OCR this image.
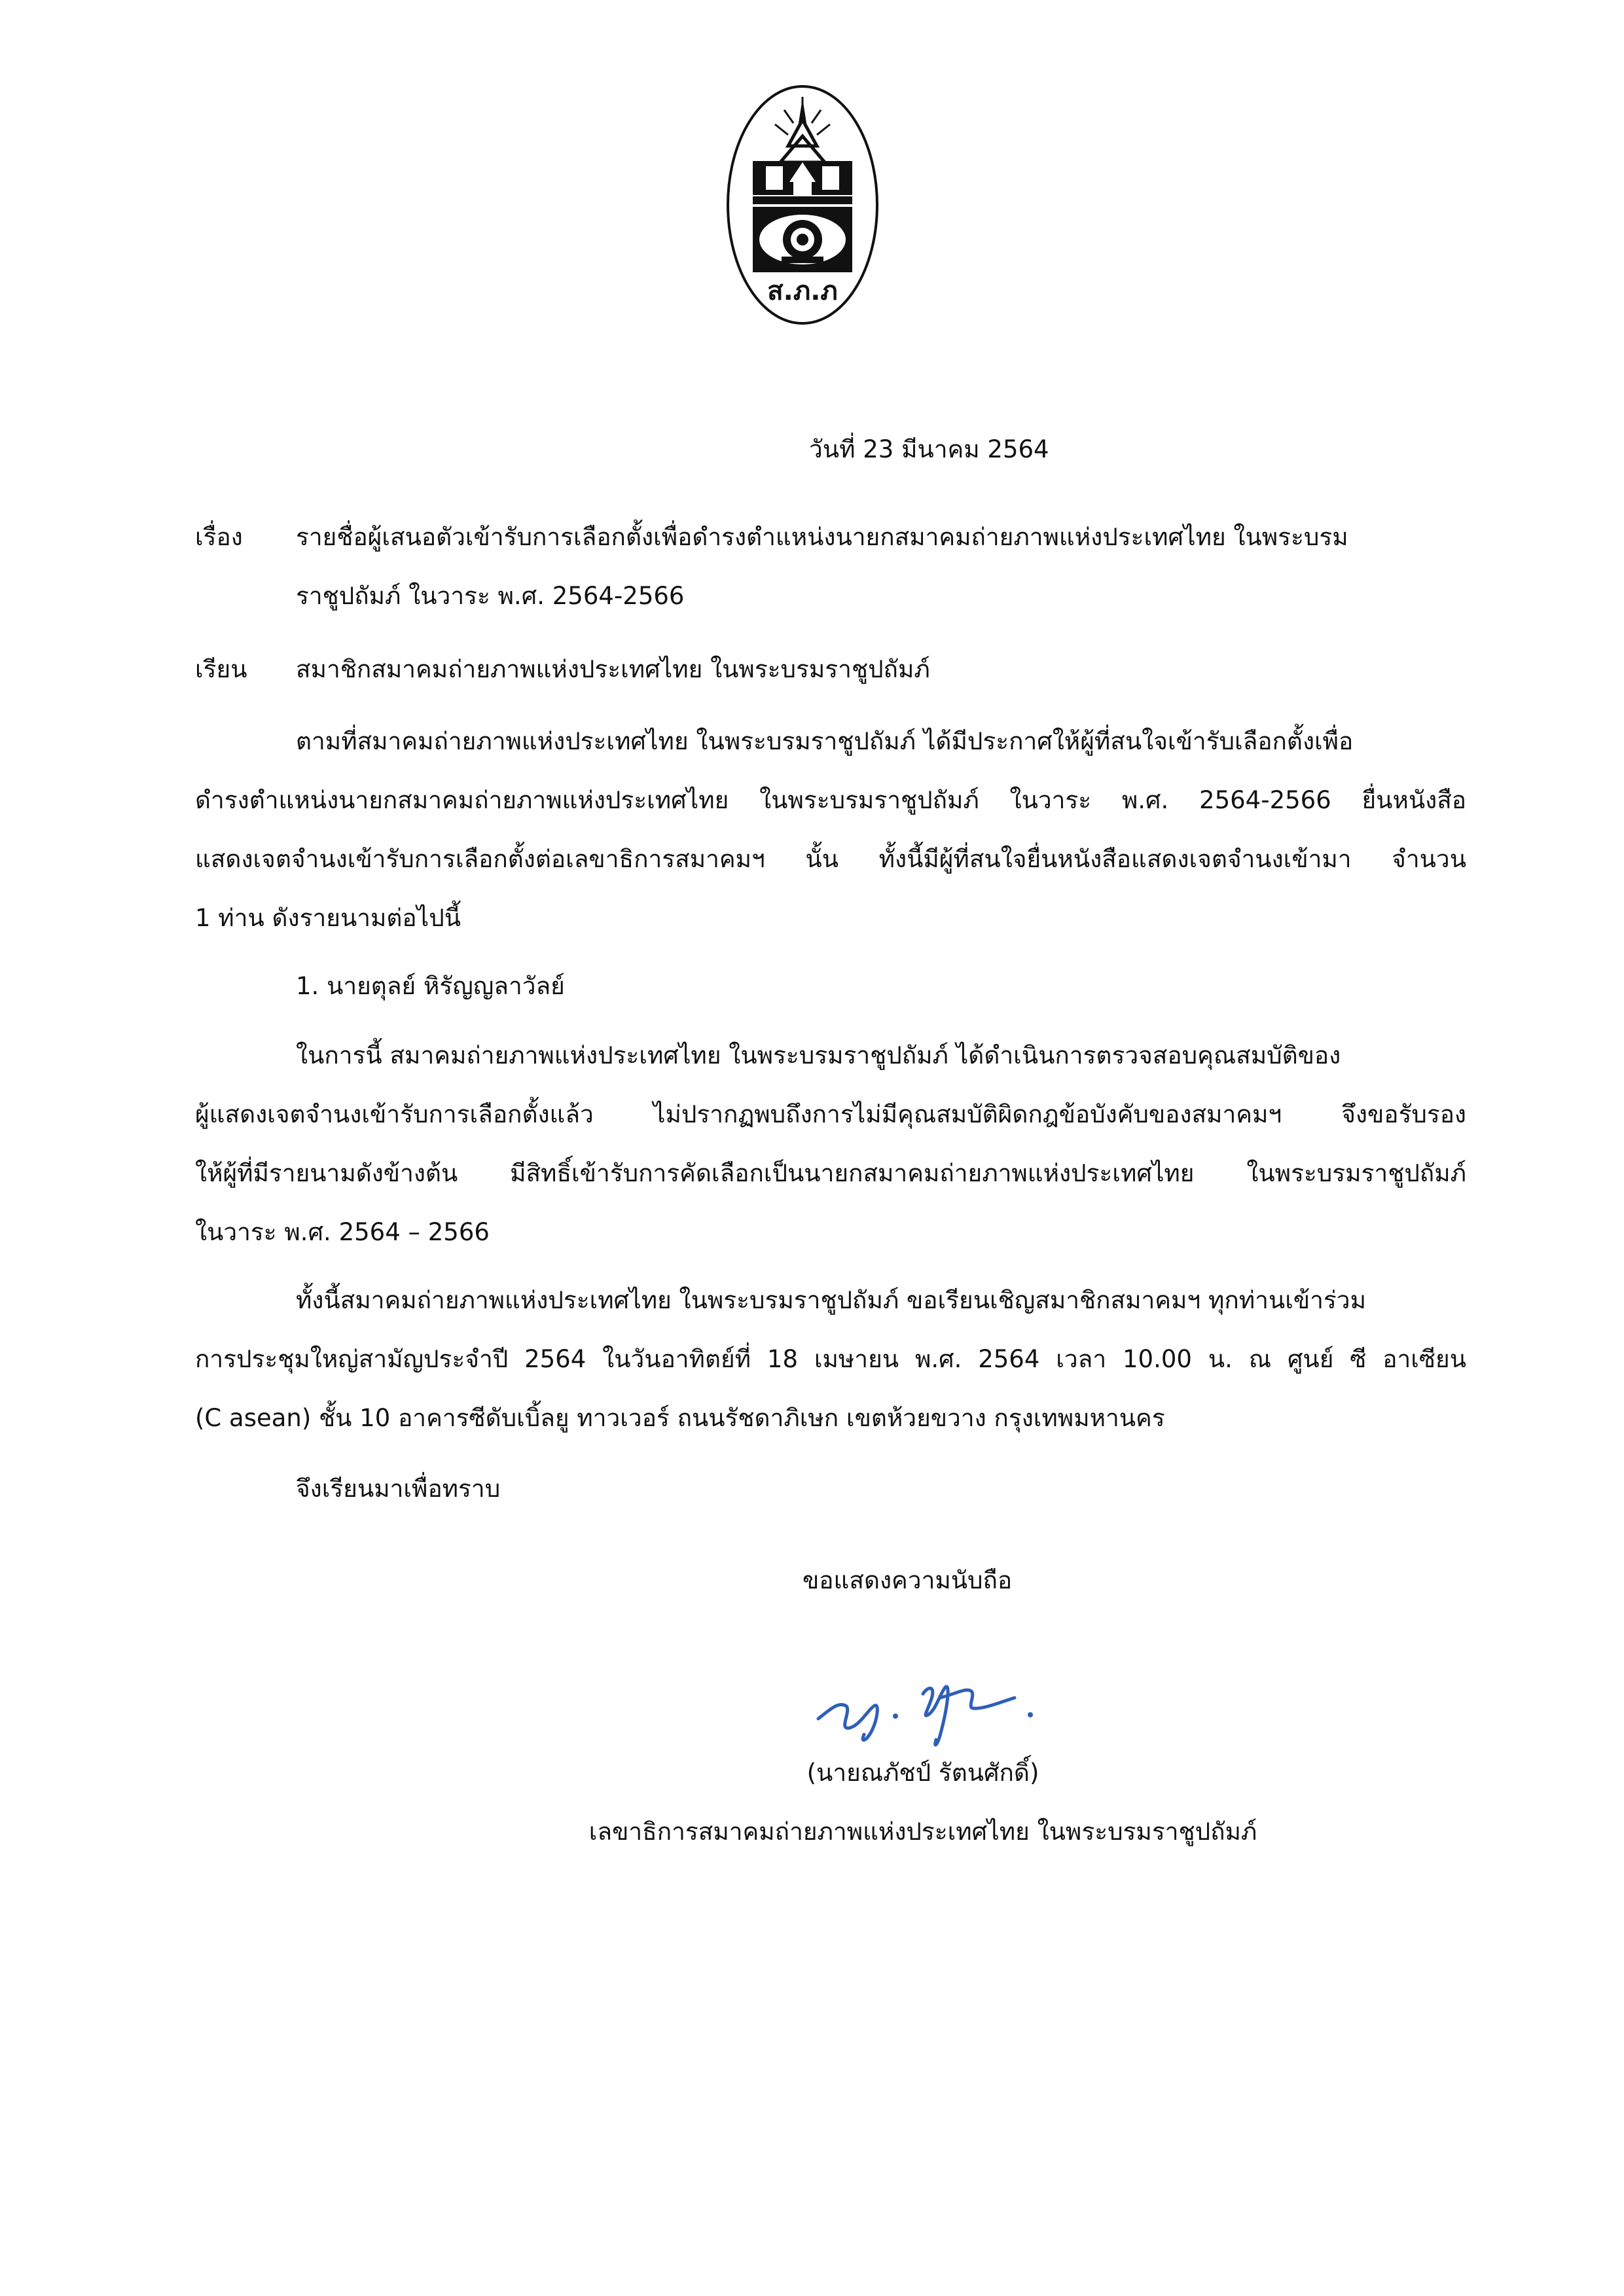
ส.ภ.ภ
วันที่ 23 มีนาคม 2564
เรื่อง รายชื่อผู้เสนอตัวเข้ารับการเลือกตั้งเพื่อดำรงตำแหน่งนายกสมาคมถ่ายภาพแห่งประเทศไทย ในพระบรม
ราชูปถัมภ์ ในวาระ พ.ศ. 2564-2566
เรียน สมาชิกสมาคมถ่ายภาพแห่งประเทศไทย ในพระบรมราชูปถัมภ์
ตามที่สมาคมถ่ายภาพแห่งประเทศไทย ในพระบรมราชูปถัมภ์ ได้มีประกาศให้ผู้ที่สนใจเข้ารับเลือกตั้งเพื่อ
ดำรงตำแหน่งนายกสมาคมถ่ายภาพแห่งประเทศไทย ในพระบรมราชูปถัมภ์ ในวาระ พ.ศ. 2564-2566 ยื่นหนังสือ
แสดงเจตจำนงเข้ารับการเลือกตั้งต่อเลขาธิการสมาคมฯ นั้น ทั้งนี้มีผู้ที่สนใจยื่นหนังสือแสดงเจตจำนงเข้ามา จำนวน
1 ท่าน ดังรายนามต่อไปนี้
1. นายตุลย์ หิรัญญลาวัลย์
ในการนี้ สมาคมถ่ายภาพแห่งประเทศไทย ในพระบรมราชูปถัมภ์ ได้ดำเนินการตรวจสอบคุณสมบัติของ
ผู้แสดงเจตจำนงเข้ารับการเลือกตั้งแล้ว ไม่ปรากฏพบถึงการไม่มีคุณสมบัติผิดกฎข้อบังคับของสมาคมฯ จึงขอรับรอง
ให้ผู้ที่มีรายนามดังข้างต้น มีสิทธิ์เข้ารับการคัดเลือกเป็นนายกสมาคมถ่ายภาพแห่งประเทศไทย ในพระบรมราชูปถัมภ์
ในวาระ พ.ศ. 2564 – 2566
ทั้งนี้สมาคมถ่ายภาพแห่งประเทศไทย ในพระบรมราชูปถัมภ์ ขอเรียนเชิญสมาชิกสมาคมฯ ทุกท่านเข้าร่วม
การประชุมใหญ่สามัญประจำปี 2564 ในวันอาทิตย์ที่ 18 เมษายน พ.ศ. 2564 เวลา 10.00 น. ณ ศูนย์ ซี อาเซียน
(C asean) ชั้น 10 อาคารซีดับเบิ้ลยู ทาวเวอร์ ถนนรัชดาภิเษก เขตห้วยขวาง กรุงเทพมหานคร
จึงเรียนมาเพื่อทราบ
ขอแสดงความนับถือ
(นายณภัชป์ รัตนศักดิ์)
เลขาธิการสมาคมถ่ายภาพแห่งประเทศไทย ในพระบรมราชูปถัมภ์
